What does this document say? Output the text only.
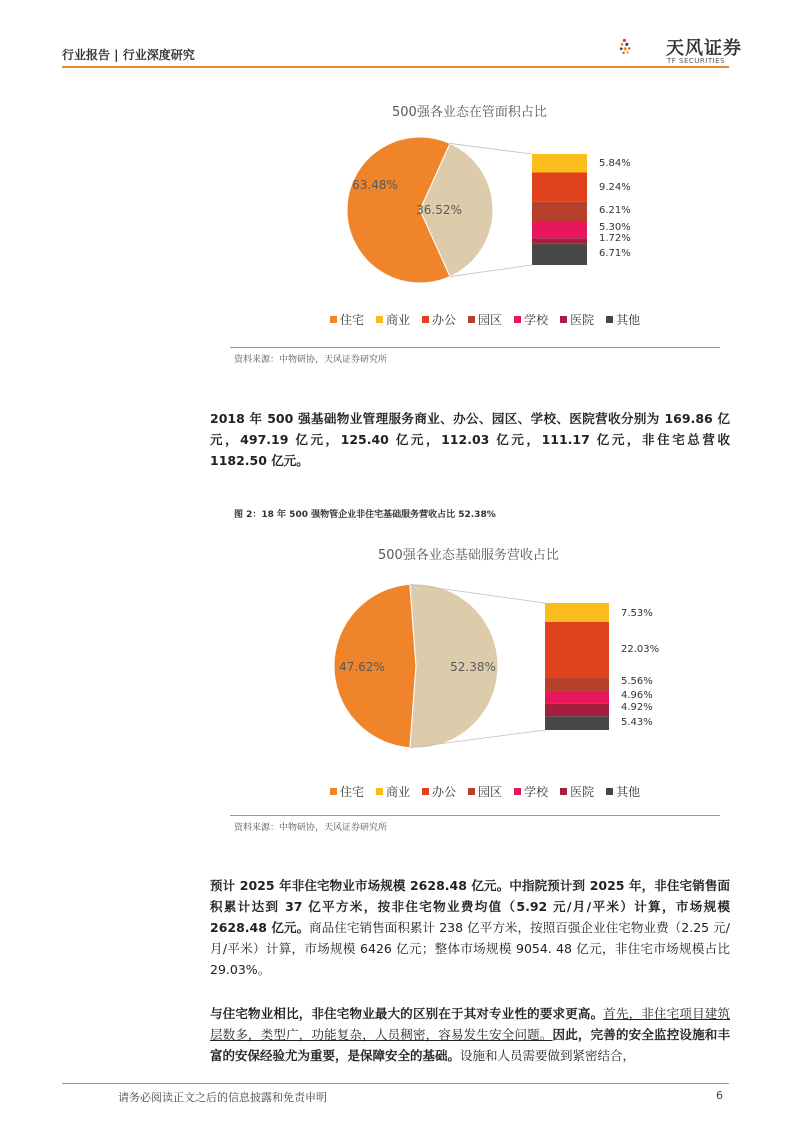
行业报告 | 行业深度研究	天风证券
TF SECURITIES
500强各业态在管面积占比
63.48%
36.52%
5.84%
9.24%
6.21%
5.30%
1.72%
6.71%
住宅 商业 办公 园区 学校 医院 其他
资料来源：中物研协，天风证券研究所
2018 年 500 强基础物业管理服务商业、办公、园区、学校、医院营收分别为 169.86 亿元，497.19 亿元，125.40 亿元，112.03 亿元，111.17 亿元，非住宅总营收 1182.50 亿元。
图 2：18 年 500 强物管企业非住宅基础服务营收占比 52.38%
500强各业态基础服务营收占比
47.62%	52.38%
7.53%
22.03%
5.56%
4.96%
4.92%
5.43%
住宅 商业 办公 园区 学校 医院 其他
资料来源：中物研协，天风证券研究所
预计 2025 年非住宅物业市场规模 2628.48 亿元。中指院预计到 2025 年，非住宅销售面积累计达到 37 亿平方米，按非住宅物业费均值（5.92 元/月/平米）计算，市场规模 2628.48 亿元。商品住宅销售面积累计 238 亿平方米，按照百强企业住宅物业费（2.25 元/月/平米）计算，市场规模 6426 亿元；整体市场规模 9054. 48 亿元，非住宅市场规模占比 29.03%。
与住宅物业相比，非住宅物业最大的区别在于其对专业性的要求更高。首先，非住宅项目建筑层数多，类型广，功能复杂，人员稠密，容易发生安全问题。因此，完善的安全监控设施和丰富的安保经验尤为重要，是保障安全的基础。设施和人员需要做到紧密结合，
请务必阅读正文之后的信息披露和免责申明	6
